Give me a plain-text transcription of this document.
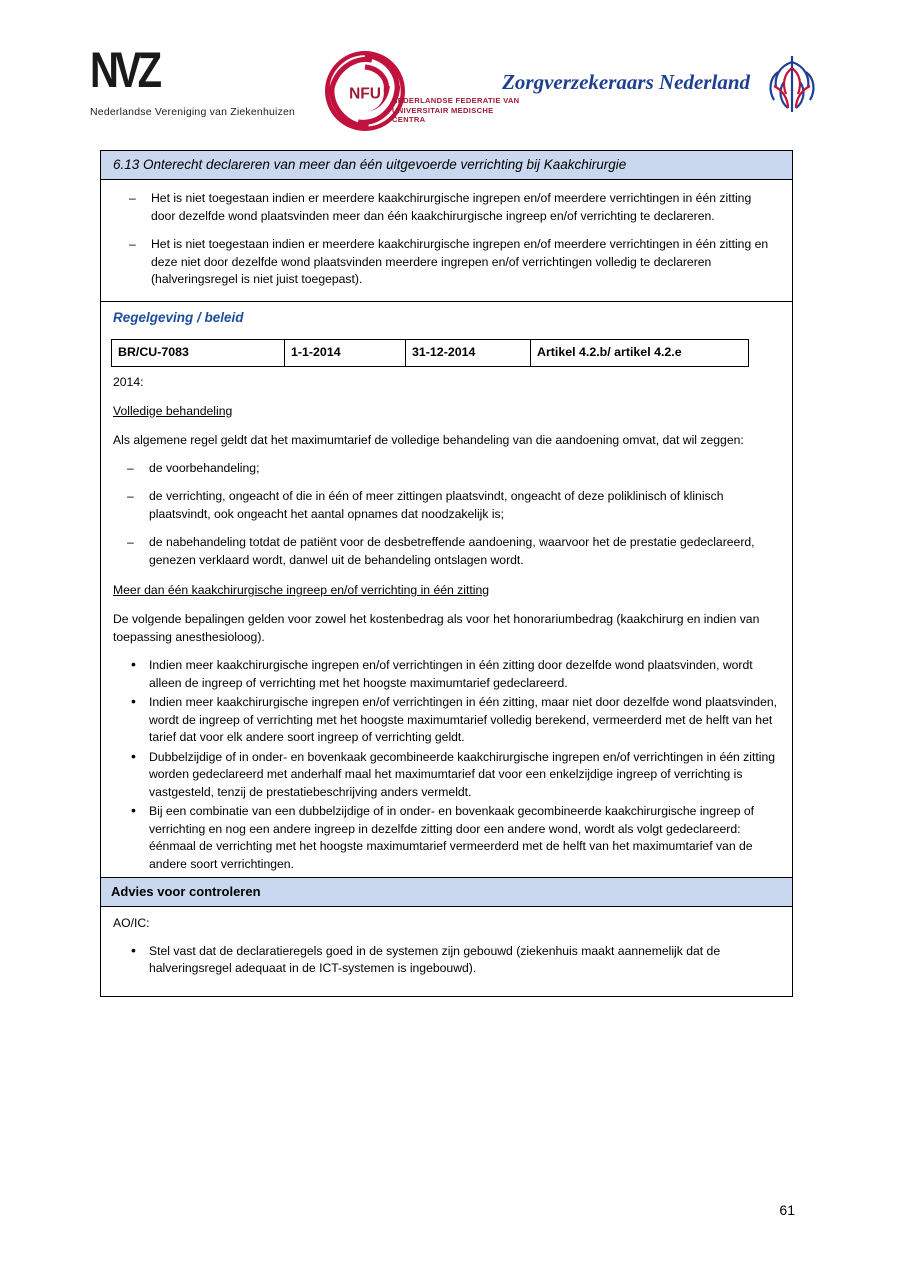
NVZ
Nederlandse Vereniging van Ziekenhuizen
NFU NEDERLANDSE FEDERATIE VAN
UNIVERSITAIR MEDISCHE CENTRA
Zorgverzekeraars Nederland
6.13 Onterecht declareren van meer dan één uitgevoerde verrichting bij Kaakchirurgie
– Het is niet toegestaan indien er meerdere kaakchirurgische ingrepen en/of meerdere verrichtingen in één zitting door dezelfde wond plaatsvinden meer dan één kaakchirurgische ingreep en/of verrichting te declareren.
– Het is niet toegestaan indien er meerdere kaakchirurgische ingrepen en/of meerdere verrichtingen in één zitting en deze niet door dezelfde wond plaatsvinden meerdere ingrepen en/of verrichtingen volledig te declareren (halveringsregel is niet juist toegepast).
Regelgeving / beleid
BR/CU-7083	1-1-2014	31-12-2014	Artikel 4.2.b/ artikel 4.2.e

2014:

Volledige behandeling

Als algemene regel geldt dat het maximumtarief de volledige behandeling van die aandoening omvat, dat wil zeggen:

– de voorbehandeling;
– de verrichting, ongeacht of die in één of meer zittingen plaatsvindt, ongeacht of deze poliklinisch of klinisch plaatsvindt, ook ongeacht het aantal opnames dat noodzakelijk is;
– de nabehandeling totdat de patiënt voor de desbetreffende aandoening, waarvoor het de prestatie gedeclareerd, genezen verklaard wordt, danwel uit de behandeling ontslagen wordt.

Meer dan één kaakchirurgische ingreep en/of verrichting in één zitting

De volgende bepalingen gelden voor zowel het kostenbedrag als voor het honorariumbedrag (kaakchirurg en indien van toepassing anesthesioloog).

• Indien meer kaakchirurgische ingrepen en/of verrichtingen in één zitting door dezelfde wond plaatsvinden, wordt alleen de ingreep of verrichting met het hoogste maximumtarief gedeclareerd.
• Indien meer kaakchirurgische ingrepen en/of verrichtingen in één zitting, maar niet door dezelfde wond plaatsvinden, wordt de ingreep of verrichting met het hoogste maximumtarief volledig berekend, vermeerderd met de helft van het tarief dat voor elk andere soort ingreep of verrichting geldt.
• Dubbelzijdige of in onder- en bovenkaak gecombineerde kaakchirurgische ingrepen en/of verrichtingen in één zitting worden gedeclareerd met anderhalf maal het maximumtarief dat voor een enkelzijdige ingreep of verrichting is vastgesteld, tenzij de prestatiebeschrijving anders vermeldt.
• Bij een combinatie van een dubbelzijdige of in onder- en bovenkaak gecombineerde kaakchirurgische ingreep of verrichting en nog een andere ingreep in dezelfde zitting door een andere wond, wordt als volgt gedeclareerd: éénmaal de verrichting met het hoogste maximumtarief vermeerderd met de helft van het maximumtarief van de andere soort verrichtingen.
Advies voor controleren

AO/IC:

• Stel vast dat de declaratieregels goed in de systemen zijn gebouwd (ziekenhuis maakt aannemelijk dat de halveringsregel adequaat in de ICT-systemen is ingebouwd).
61
